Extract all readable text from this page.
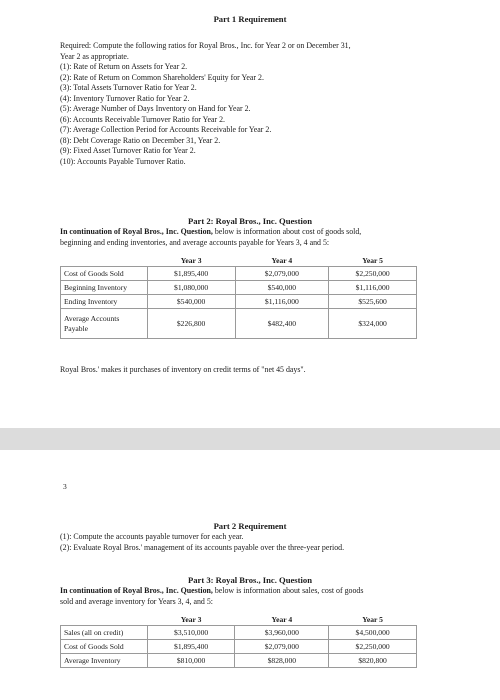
Part 1 Requirement
Required: Compute the following ratios for Royal Bros., Inc. for Year 2 or on December 31,
Year 2 as appropriate.
(1): Rate of Return on Assets for Year 2.
(2): Rate of Return on Common Shareholders' Equity for Year 2.
(3): Total Assets Turnover Ratio for Year 2.
(4): Inventory Turnover Ratio for Year 2.
(5): Average Number of Days Inventory on Hand for Year 2.
(6): Accounts Receivable Turnover Ratio for Year 2.
(7): Average Collection Period for Accounts Receivable for Year 2.
(8): Debt Coverage Ratio on December 31, Year 2.
(9): Fixed Asset Turnover Ratio for Year 2.
(10): Accounts Payable Turnover Ratio.
Part 2: Royal Bros., Inc. Question
In continuation of Royal Bros., Inc. Question, below is information about cost of goods sold,
beginning and ending inventories, and average accounts payable for Years 3, 4 and 5:
	Year 3	Year 4	Year 5
Cost of Goods Sold	$1,895,400	$2,079,000	$2,250,000
Beginning Inventory	$1,080,000	$540,000	$1,116,000
Ending Inventory	$540,000	$1,116,000	$525,600
Average Accounts
Payable	$226,800	$482,400	$324,000
Royal Bros.' makes it purchases of inventory on credit terms of "net 45 days".
3
Part 2 Requirement
(1): Compute the accounts payable turnover for each year.
(2): Evaluate Royal Bros.' management of its accounts payable over the three-year period.
Part 3: Royal Bros., Inc. Question
In continuation of Royal Bros., Inc. Question, below is information about sales, cost of goods
sold and average inventory for Years 3, 4, and 5:
	Year 3	Year 4	Year 5
Sales (all on credit)	$3,510,000	$3,960,000	$4,500,000
Cost of Goods Sold	$1,895,400	$2,079,000	$2,250,000
Average Inventory	$810,000	$828,000	$820,800
